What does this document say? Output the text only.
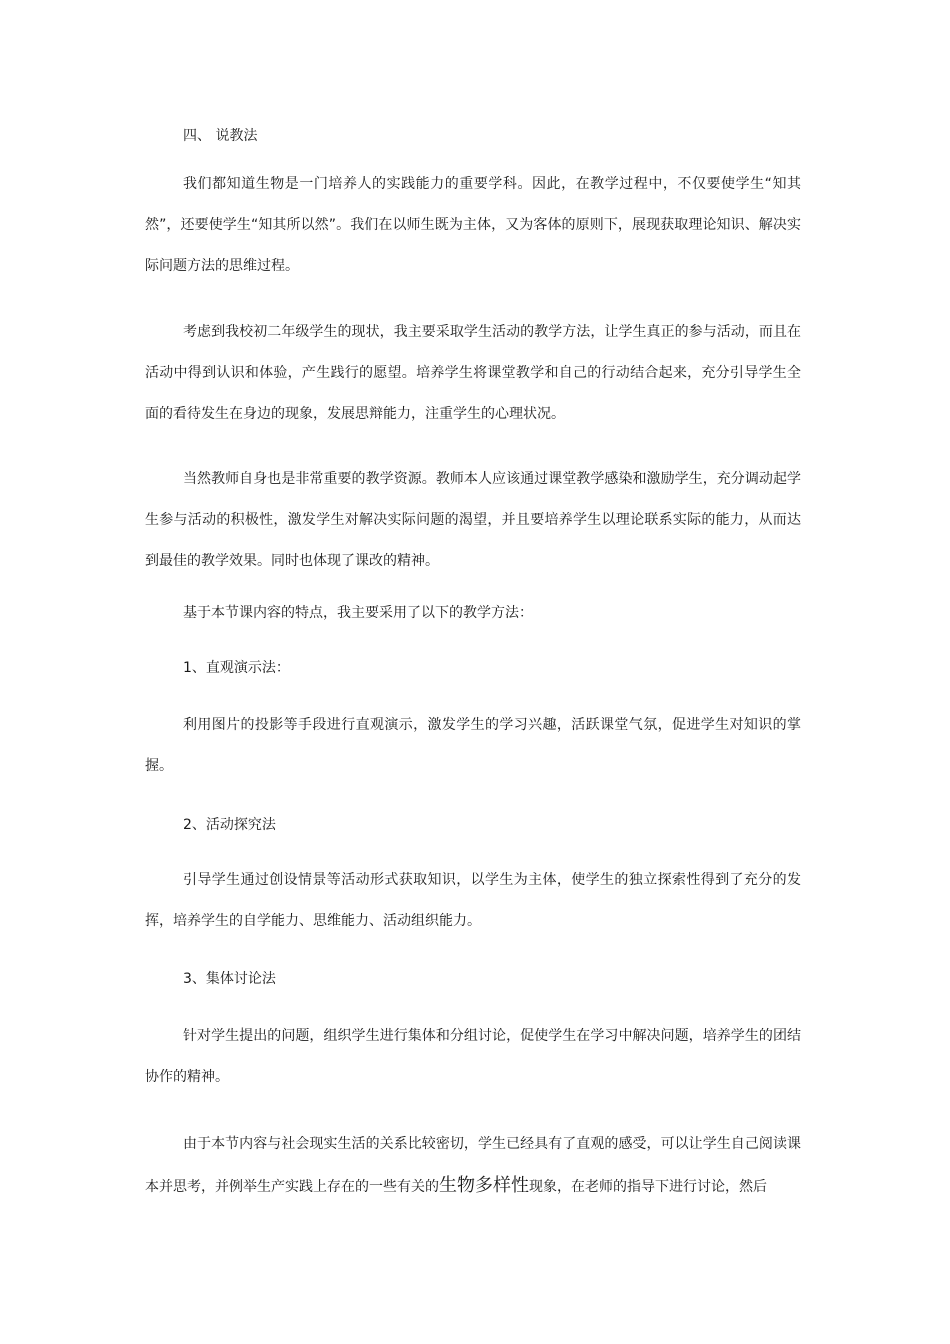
四、 说教法

我们都知道生物是一门培养人的实践能力的重要学科。因此，在教学过程中，不仅要使学生“知其然”，还要使学生“知其所以然”。我们在以师生既为主体，又为客体的原则下，展现获取理论知识、解决实际问题方法的思维过程。

考虑到我校初二年级学生的现状，我主要采取学生活动的教学方法，让学生真正的参与活动，而且在活动中得到认识和体验，产生践行的愿望。培养学生将课堂教学和自己的行动结合起来，充分引导学生全面的看待发生在身边的现象，发展思辩能力，注重学生的心理状况。

当然教师自身也是非常重要的教学资源。教师本人应该通过课堂教学感染和激励学生，充分调动起学生参与活动的积极性，激发学生对解决实际问题的渴望，并且要培养学生以理论联系实际的能力，从而达到最佳的教学效果。同时也体现了课改的精神。

基于本节课内容的特点，我主要采用了以下的教学方法：
1、直观演示法：

利用图片的投影等手段进行直观演示，激发学生的学习兴趣，活跃课堂气氛，促进学生对知识的掌握。

2、活动探究法

引导学生通过创设情景等活动形式获取知识，以学生为主体，使学生的独立探索性得到了充分的发挥，培养学生的自学能力、思维能力、活动组织能力。

3、集体讨论法

针对学生提出的问题，组织学生进行集体和分组讨论，促使学生在学习中解决问题，培养学生的团结协作的精神。

由于本节内容与社会现实生活的关系比较密切，学生已经具有了直观的感受，可以让学生自己阅读课本并思考，并例举生产实践上存在的一些有关的生物多样性现象，在老师的指导下进行讨论，然后
